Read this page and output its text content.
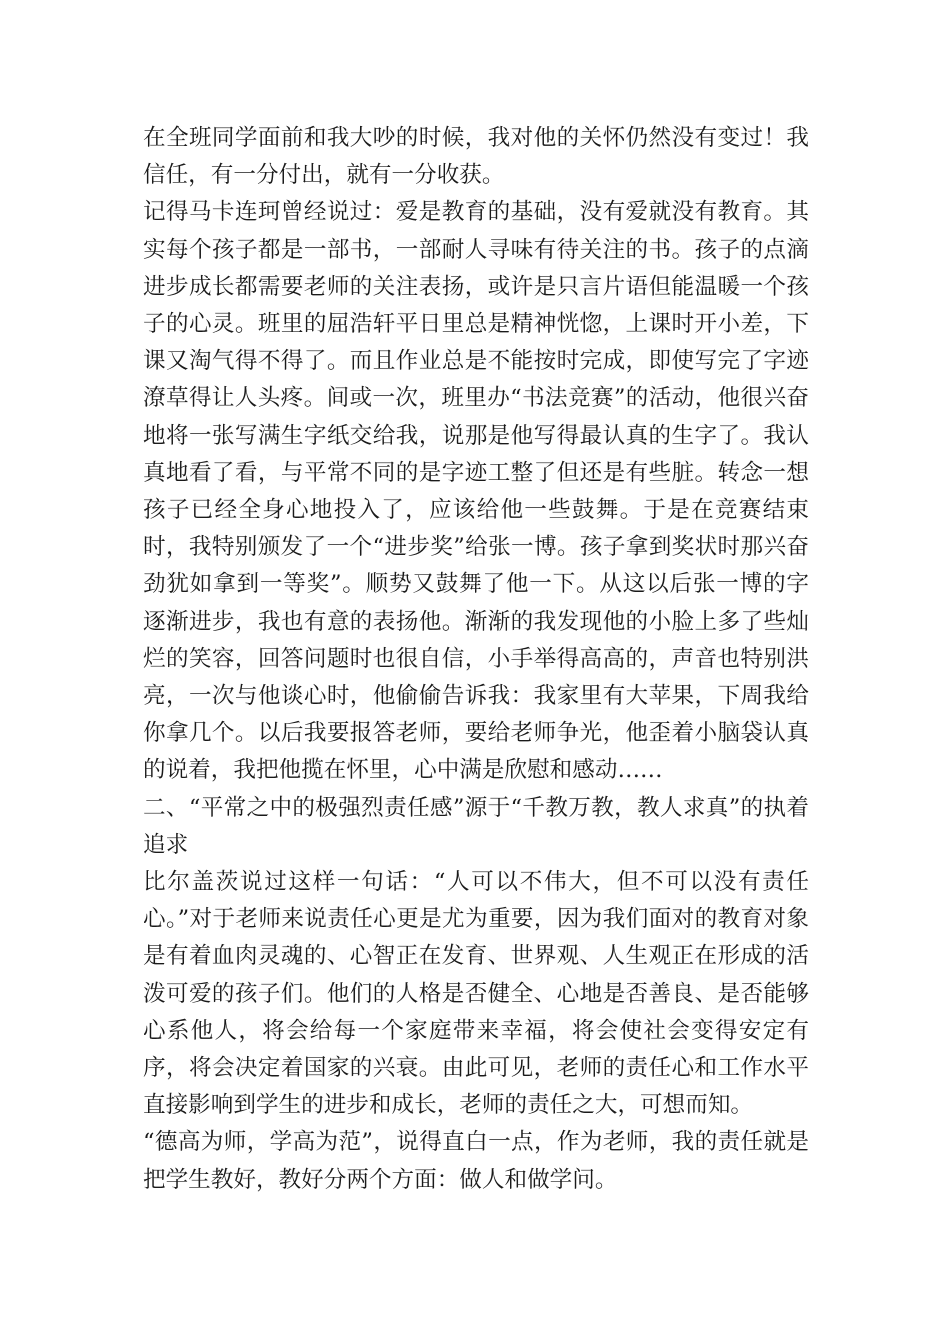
在全班同学面前和我大吵的时候，我对他的关怀仍然没有变过！我信任，有一分付出，就有一分收获。

记得马卡连珂曾经说过：爱是教育的基础，没有爱就没有教育。其实每个孩子都是一部书，一部耐人寻味有待关注的书。孩子的点滴进步成长都需要老师的关注表扬，或许是只言片语但能温暖一个孩子的心灵。班里的屈浩轩平日里总是精神恍惚，上课时开小差，下课又淘气得不得了。而且作业总是不能按时完成，即使写完了字迹潦草得让人头疼。间或一次，班里办“书法竞赛”的活动，他很兴奋地将一张写满生字纸交给我，说那是他写得最认真的生字了。我认真地看了看，与平常不同的是字迹工整了但还是有些脏。转念一想孩子已经全身心地投入了，应该给他一些鼓舞。于是在竞赛结束时，我特别颁发了一个“进步奖”给张一博。孩子拿到奖状时那兴奋劲犹如拿到一等奖”。顺势又鼓舞了他一下。从这以后张一博的字逐渐进步，我也有意的表扬他。渐渐的我发现他的小脸上多了些灿烂的笑容，回答问题时也很自信，小手举得高高的，声音也特别洪亮，一次与他谈心时，他偷偷告诉我：我家里有大苹果，下周我给你拿几个。以后我要报答老师，要给老师争光，他歪着小脑袋认真的说着，我把他揽在怀里，心中满是欣慰和感动……

二、“平常之中的极强烈责任感”源于“千教万教，教人求真”的执着追求

比尔盖茨说过这样一句话：“人可以不伟大，但不可以没有责任心。”对于老师来说责任心更是尤为重要，因为我们面对的教育对象是有着血肉灵魂的、心智正在发育、世界观、人生观正在形成的活泼可爱的孩子们。他们的人格是否健全、心地是否善良、是否能够心系他人，将会给每一个家庭带来幸福，将会使社会变得安定有序，将会决定着国家的兴衰。由此可见，老师的责任心和工作水平直接影响到学生的进步和成长，老师的责任之大，可想而知。

“德高为师，学高为范”，说得直白一点，作为老师，我的责任就是把学生教好，教好分两个方面：做人和做学问。
